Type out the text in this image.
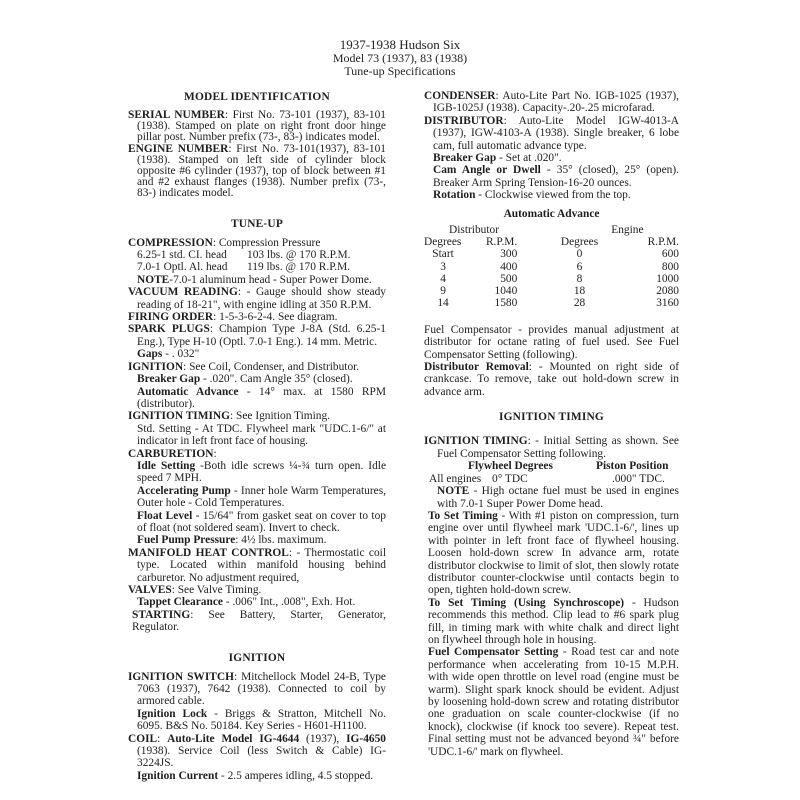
1937-1938 Hudson Six
Model 73 (1937), 83 (1938)
Tune-up Specifications
MODEL IDENTIFICATION

SERIAL NUMBER: First No. 73-101 (1937), 83-101 (1938). Stamped on plate on right front door hinge pillar post. Number prefix (73-, 83-) indicates model.

ENGINE NUMBER: First No. 73-101(1937), 83-101 (1938). Stamped on left side of cylinder block opposite #6 cylinder (1937), top of block between #1 and #2 exhaust flanges (1938). Number prefix (73-, 83-) indicates model.

TUNE-UP

COMPRESSION: Compression Pressure

6.25-1 std. CI. head	103 lbs. @ 170 R.P.M.
7.0-1 Optl. Al. head	119 lbs. @ 170 R.P.M.

NOTE-7.0-1 aluminum head - Super Power Dome.

VACUUM READING: - Gauge should show steady reading of 18-21", with engine idling at 350 R.P.M.

FIRING ORDER: 1-5-3-6-2-4. See diagram.

SPARK PLUGS: Champion Type J-8A (Std. 6.25-1 Eng.), Type H-10 (Optl. 7.0-1 Eng.). 14 mm. Metric.

Gaps - . 032"

IGNITION: See Coil, Condenser, and Distributor.

Breaker Gap - .020". Cam Angle 35° (closed).

Automatic Advance - 14° max. at 1580 RPM (distributor).

IGNITION TIMING: See Ignition Timing.

Std. Setting - At TDC. Flywheel mark "UDC.1-6/" at indicator in left front face of housing.

CARBURETION:

Idle Setting -Both idle screws ¼-¾ turn open. Idle speed 7 MPH.

Accelerating Pump - Inner hole Warm Temperatures, Outer hole - Cold Temperatures.

Float Level - 15/64" from gasket seat on cover to top of float (not soldered seam). Invert to check.

Fuel Pump Pressure: 4½ lbs. maximum.

MANIFOLD HEAT CONTROL: - Thermostatic coil type. Located within manifold housing behind carburetor. No adjustment required,

VALVES: See Valve Timing.

Tappet Clearance - .006" Int., .008", Exh. Hot.

STARTING: See Battery, Starter, Generator, Regulator.

IGNITION

IGNITION SWITCH: Mitchellock Model 24-B, Type 7063 (1937), 7642 (1938). Connected to coil by armored cable.

Ignition Lock - Briggs & Stratton, Mitchell No. 6095. B&S No. 50184. Key Series - H601-H1100.

COIL: Auto-Lite Model IG-4644 (1937), IG-4650 (1938). Service Coil (less Switch & Cable) IG-3224JS.

Ignition Current - 2.5 amperes idling, 4.5 stopped.

CONDENSER: Auto-Lite Part No. IGB-1025 (1937), IGB-1025J (1938). Capacity-.20-.25 microfarad.

DISTRIBUTOR: Auto-Lite Model IGW-4013-A (1937), IGW-4103-A (1938). Single breaker, 6 lobe cam, full automatic advance type.

Breaker Gap - Set at .020".

Cam Angle or Dwell - 35° (closed), 25° (open). Breaker Arm Spring Tension-16-20 ounces.

Rotation - Clockwise viewed from the top.

Automatic Advance
Distributor		Engine	
Degrees	R.P.M.	Degrees	R.P.M.
Start	300	0	600
3	400	6	800
4	500	8	1000
9	1040	18	2080
14	1580	28	3160

Fuel Compensator - provides manual adjustment at distributor for octane rating of fuel used. See Fuel Compensator Setting (following).

Distributor Removal: - Mounted on right side of crankcase. To remove, take out hold-down screw in advance arm.

IGNITION TIMING

IGNITION TIMING: - Initial Setting as shown. See Fuel Compensator Setting following.

Flywheel Degrees	Piston Position
All engines 0° TDC	.000" TDC.

NOTE - High octane fuel must be used in engines with 7.0-1 Super Power Dome head.

To Set Timing - With #1 piston on compression, turn engine over until flywheel mark 'UDC.1-6/', lines up with pointer in left front face of flywheel housing. Loosen hold-down screw In advance arm, rotate distributor clockwise to limit of slot, then slowly rotate distributor counter-clockwise until contacts begin to open, tighten hold-down screw.

To Set Timing (Using Synchroscope) - Hudson recommends this method. Clip lead to #6 spark plug fill, in timing mark with white chalk and direct light on flywheel through hole in housing.

Fuel Compensator Setting - Road test car and note performance when accelerating from 10-15 M.P.H. with wide open throttle on level road (engine must be warm). Slight spark knock should be evident. Adjust by loosening hold-down screw and rotating distributor one graduation on scale counter-clockwise (if no knock), clockwise (if knock too severe). Repeat test. Final setting must not be advanced beyond ¾" before 'UDC.1-6/' mark on flywheel.
